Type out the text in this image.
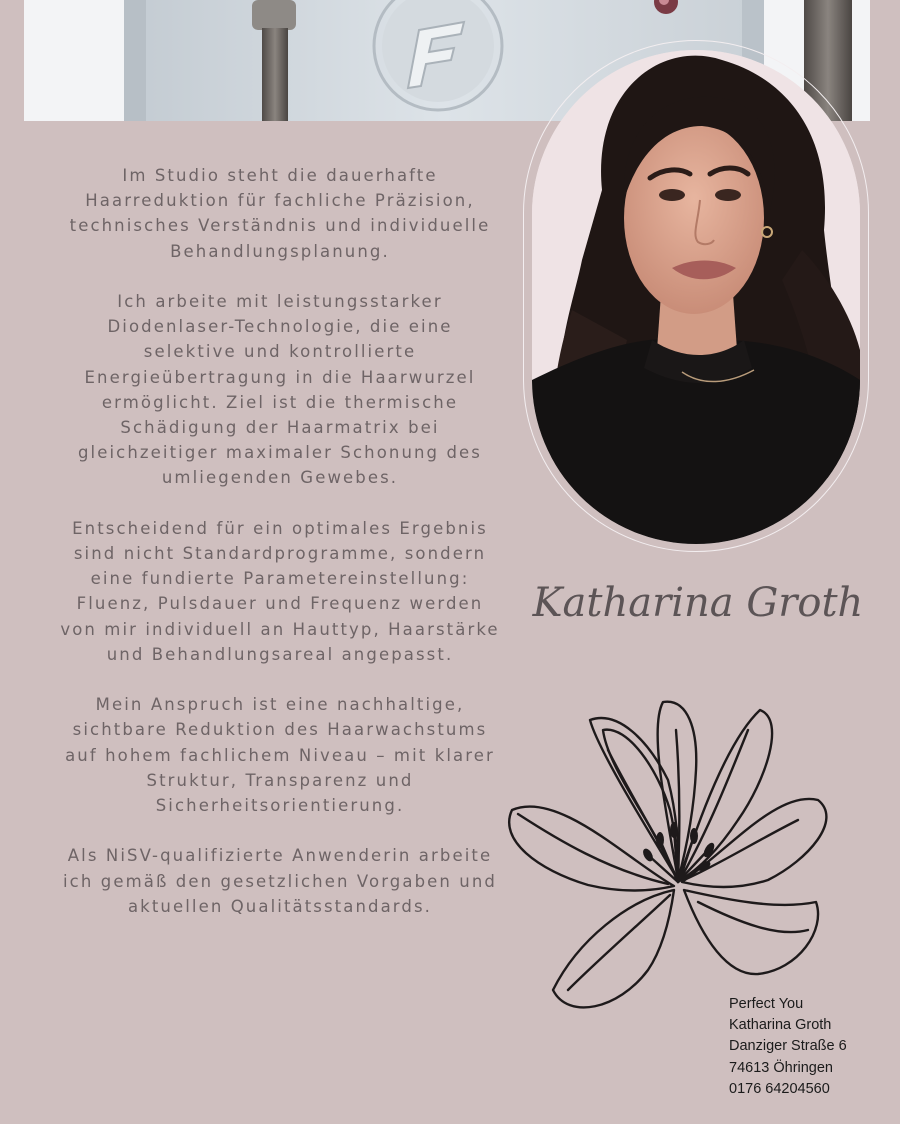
Im Studio steht die dauerhafte Haarreduktion für fachliche Präzision, technisches Verständnis und individuelle Behandlungsplanung.

Ich arbeite mit leistungsstarker Diodenlaser-Technologie, die eine selektive und kontrollierte Energieübertragung in die Haarwurzel ermöglicht. Ziel ist die thermische Schädigung der Haarmatrix bei gleichzeitiger maximaler Schonung des umliegenden Gewebes.

Entscheidend für ein optimales Ergebnis sind nicht Standardprogramme, sondern eine fundierte Parametereinstellung: Fluenz, Pulsdauer und Frequenz werden von mir individuell an Hauttyp, Haarstärke und Behandlungsareal angepasst.

Mein Anspruch ist eine nachhaltige, sichtbare Reduktion des Haarwachstums auf hohem fachlichem Niveau – mit klarer Struktur, Transparenz und Sicherheitsorientierung.

Als NiSV-qualifizierte Anwenderin arbeite ich gemäß den gesetzlichen Vorgaben und aktuellen Qualitätsstandards.

Katharina Groth
Perfect You
Katharina Groth
Danziger Straße 6
74613 Öhringen
0176 64204560
